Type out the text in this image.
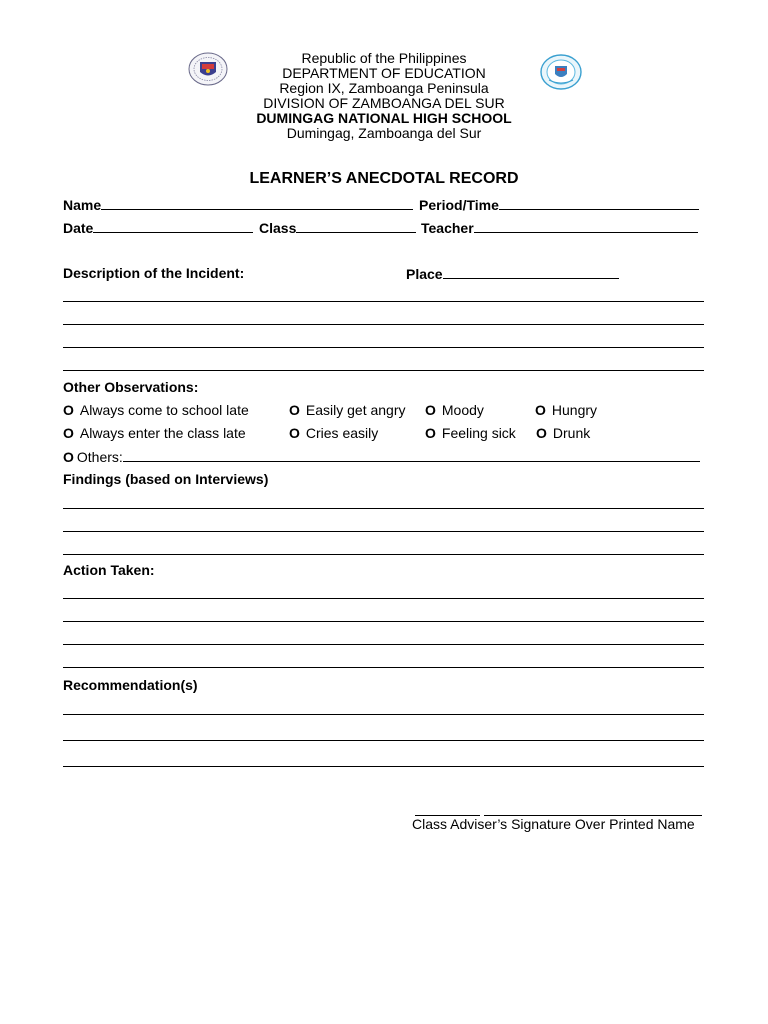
Republic of the Philippines
DEPARTMENT OF EDUCATION
Region IX, Zamboanga Peninsula
DIVISION OF ZAMBOANGA DEL SUR
DUMINGAG NATIONAL HIGH SCHOOL
Dumingag, Zamboanga del Sur
LEARNER’S ANECDOTAL RECORD
Name	Period/Time
Date	Class	Teacher
Description of the Incident:	Place
Other Observations:
O Always come to school late	O Easily get angry O Moody	O Hungry
O Always enter the class late	O Cries easily	O Feeling sick O Drunk
O Others:
Findings (based on Interviews)
Action Taken:
Recommendation(s)
Class Adviser’s Signature Over Printed Name
